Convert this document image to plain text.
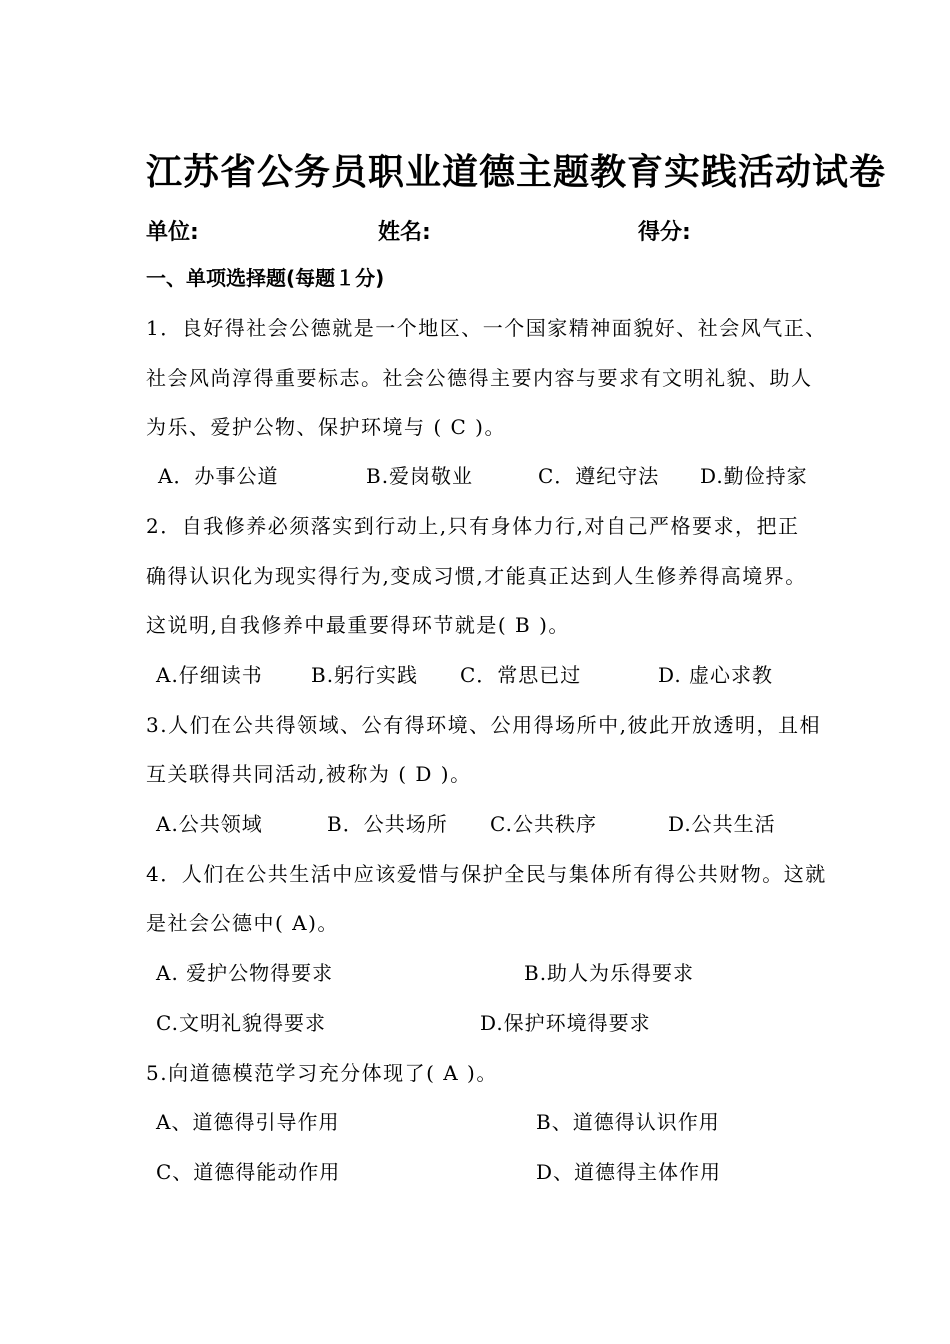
江苏省公务员职业道德主题教育实践活动试卷
单位:	姓名:	得分:
一、单项选择题(每题１分)
1．良好得社会公德就是一个地区、一个国家精神面貌好、社会风气正、
社会风尚淳得重要标志。社会公德得主要内容与要求有文明礼貌、助人
为乐、爱护公物、保护环境与 ( C )。
A．办事公道	B.爱岗敬业	C．遵纪守法 D.勤俭持家
2．自我修养必须落实到行动上,只有身体力行,对自己严格要求，把正
确得认识化为现实得行为,变成习惯,才能真正达到人生修养得高境界。
这说明,自我修养中最重要得环节就是( B )。
A.仔细读书 B.躬行实践 C．常思已过	D. 虚心求教
3.人们在公共得领域、公有得环境、公用得场所中,彼此开放透明，且相
互关联得共同活动,被称为 ( D )。
A.公共领域	B．公共场所 C.公共秩序	D.公共生活
4．人们在公共生活中应该爱惜与保护全民与集体所有得公共财物。这就
是社会公德中( A)。
A. 爱护公物得要求	B.助人为乐得要求
C.文明礼貌得要求	D.保护环境得要求
5.向道德模范学习充分体现了( A )。
A、道德得引导作用	B、道德得认识作用
C、道德得能动作用	D、道德得主体作用
